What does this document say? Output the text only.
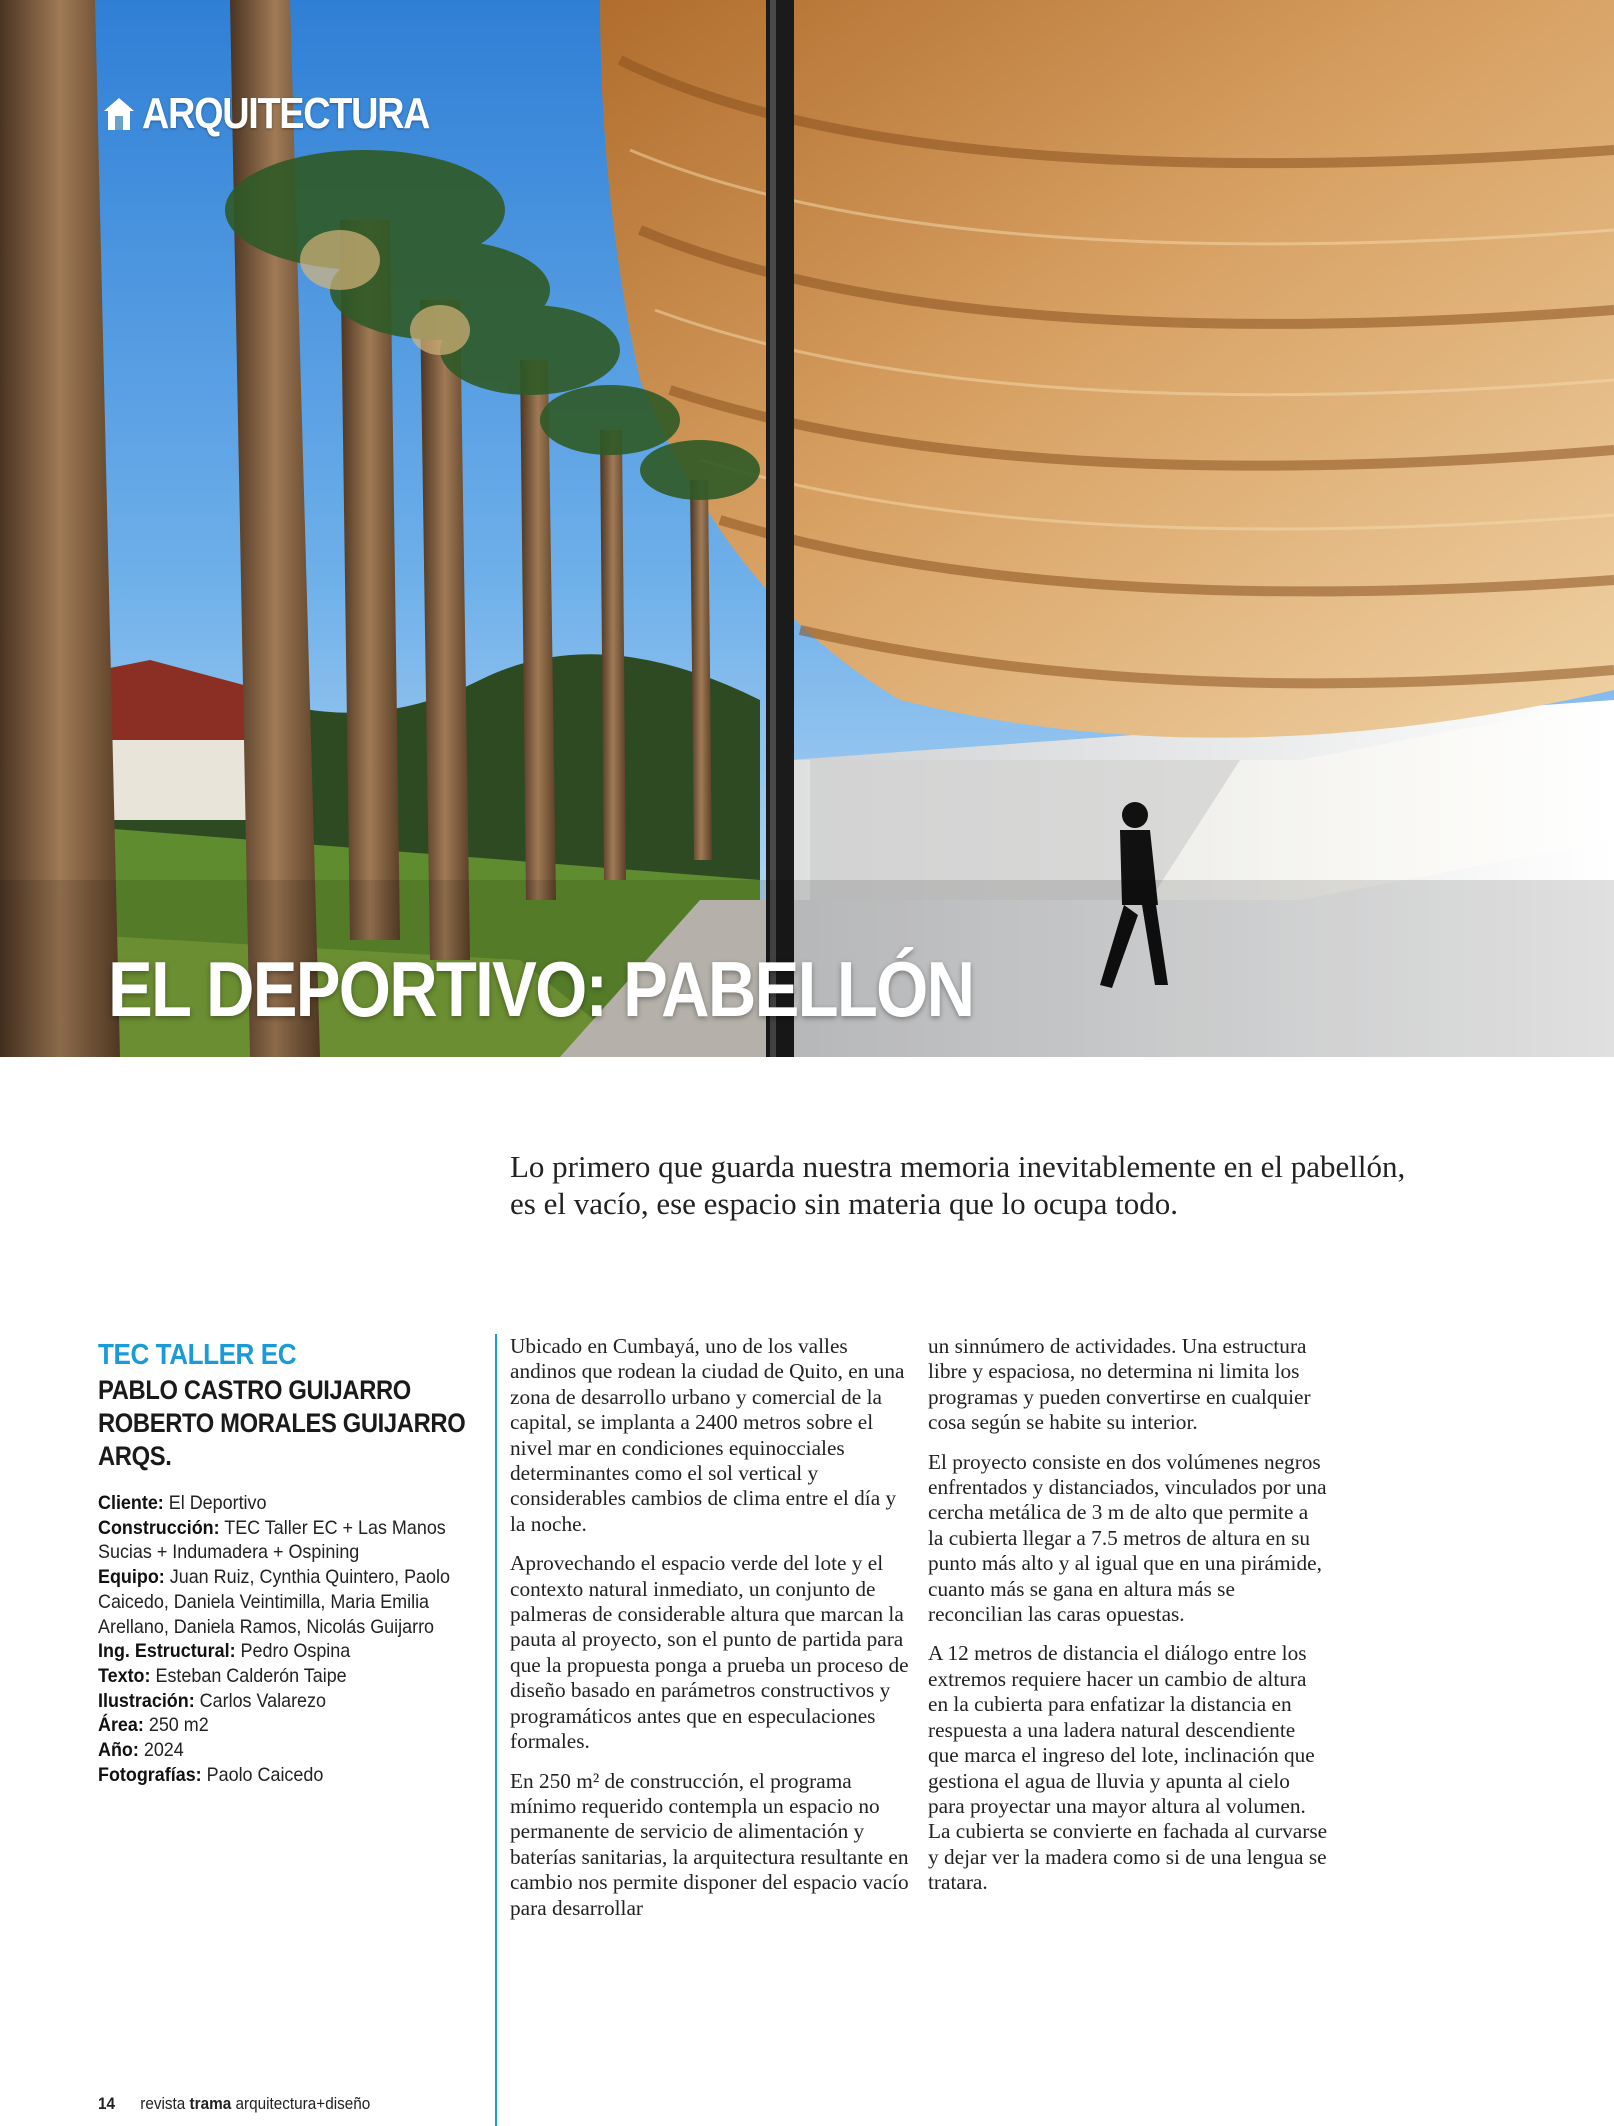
ARQUITECTURA
EL DEPORTIVO: PABELLÓN

Lo primero que guarda nuestra memoria inevitablemente en el pabellón,

es el vacío, ese espacio sin materia que lo ocupa todo.

TEC TALLER EC
PABLO CASTRO GUIJARRO
ROBERTO MORALES GUIJARRO
ARQS.
Cliente: El Deportivo
Construcción: TEC Taller EC + Las Manos Sucias + Indumadera + Ospining
Equipo: Juan Ruiz, Cynthia Quintero, Paolo Caicedo, Daniela Veintimilla, Maria Emilia Arellano, Daniela Ramos, Nicolás Guijarro
Ing. Estructural: Pedro Ospina
Texto: Esteban Calderón Taipe
Ilustración: Carlos Valarezo
Área: 250 m2
Año: 2024
Fotografías: Paolo Caicedo

Ubicado en Cumbayá, uno de los valles andinos que rodean la ciudad de Quito, en una zona de desarrollo urbano y comercial de la capital, se implanta a 2400 metros sobre el nivel mar en condiciones equinocciales determinantes como el sol vertical y considerables cambios de clima entre el día y la noche.

Aprovechando el espacio verde del lote y el contexto natural inmediato, un conjunto de palmeras de considerable altura que marcan la pauta al proyecto, son el punto de partida para que la propuesta ponga a prueba un proceso de diseño basado en parámetros constructivos y programáticos antes que en especulaciones formales.

En 250 m² de construcción, el programa mínimo requerido contempla un espacio no permanente de servicio de alimentación y baterías sanitarias, la arquitectura resultante en cambio nos permite disponer del espacio vacío para desarrollar

un sinnúmero de actividades. Una estructura libre y espaciosa, no determina ni limita los programas y pueden convertirse en cualquier cosa según se habite su interior.

El proyecto consiste en dos volúmenes negros enfrentados y distanciados, vinculados por una cercha metálica de 3 m de alto que permite a la cubierta llegar a 7.5 metros de altura en su punto más alto y al igual que en una pirámide, cuanto más se gana en altura más se reconcilian las caras opuestas.

A 12 metros de distancia el diálogo entre los extremos requiere hacer un cambio de altura en la cubierta para enfatizar la distancia en respuesta a una ladera natural descendiente que marca el ingreso del lote, inclinación que gestiona el agua de lluvia y apunta al cielo para proyectar una mayor altura al volumen. La cubierta se convierte en fachada al curvarse y dejar ver la madera como si de una lengua se tratara.

14 revista trama arquitectura+diseño
